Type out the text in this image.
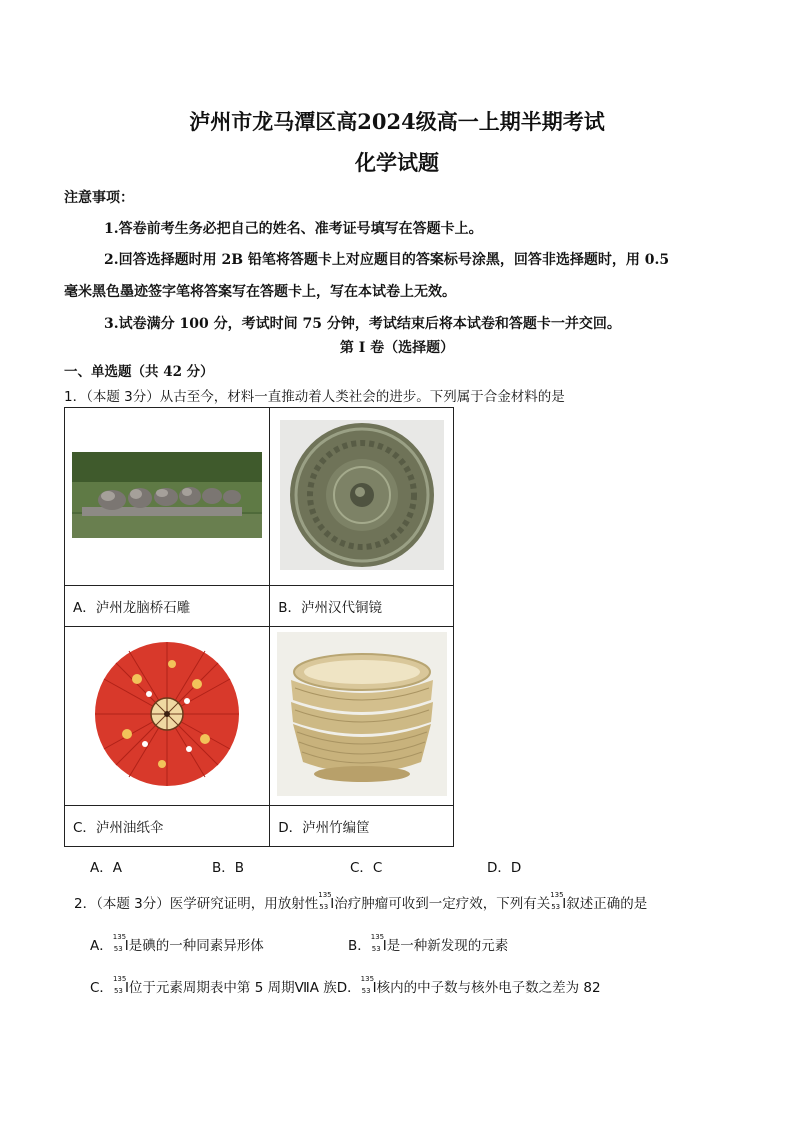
泸州市龙马潭区高2024级高一上期半期考试
化学试题
注意事项：
1.答卷前考生务必把自己的姓名、准考证号填写在答题卡上。
2.回答选择题时用 2B 铅笔将答题卡上对应题目的答案标号涂黑，回答非选择题时，用 0.5
毫米黑色墨迹签字笔将答案写在答题卡上，写在本试卷上无效。
3.试卷满分 100 分，考试时间 75 分钟，考试结束后将本试卷和答题卡一并交回。
第 I 卷（选择题）
一、单选题（共 42 分）
1．（本题 3分）从古至今，材料一直推动着人类社会的进步。下列属于合金材料的是

A．泸州龙脑桥石雕	B．泸州汉代铜镜

C．泸州油纸伞	D．泸州竹编筐
A．A	B．B	C．C	D．D
2．（本题 3分）医学研究证明，用放射性
135
53 I治疗肿瘤可收到一定疗效，下列有关
135
53 I叙述正确的是
A．
135
53 I是碘的一种同素异形体	B．
135
53 I是一种新发现的元素
C．
135
53 I位于元素周期表中第 5 周期ⅦA 族D．
135
53 I核内的中子数与核外电子数之差为 82
